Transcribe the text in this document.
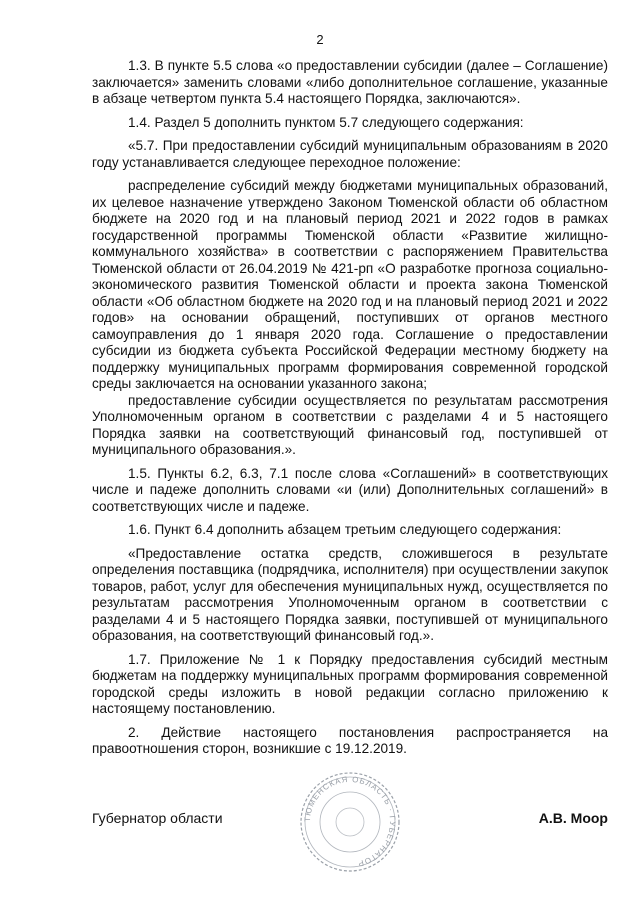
2

1.3. В пункте 5.5 слова «о предоставлении субсидии (далее – Соглашение) заключается» заменить словами «либо дополнительное соглашение, указанные в абзаце четвертом пункта 5.4 настоящего Порядка, заключаются».

1.4. Раздел 5 дополнить пунктом 5.7 следующего содержания:

«5.7. При предоставлении субсидий муниципальным образованиям в 2020 году устанавливается следующее переходное положение:

распределение субсидий между бюджетами муниципальных образований, их целевое назначение утверждено Законом Тюменской области об областном бюджете на 2020 год и на плановый период 2021 и 2022 годов в рамках государственной программы Тюменской области «Развитие жилищно-коммунального хозяйства» в соответствии с распоряжением Правительства Тюменской области от 26.04.2019 № 421-рп «О разработке прогноза социально-экономического развития Тюменской области и проекта закона Тюменской области «Об областном бюджете на 2020 год и на плановый период 2021 и 2022 годов» на основании обращений, поступивших от органов местного самоуправления до 1 января 2020 года. Соглашение о предоставлении субсидии из бюджета субъекта Российской Федерации местному бюджету на поддержку муниципальных программ формирования современной городской среды заключается на основании указанного закона;

предоставление субсидии осуществляется по результатам рассмотрения Уполномоченным органом в соответствии с разделами 4 и 5 настоящего Порядка заявки на соответствующий финансовый год, поступившей от муниципального образования.».

1.5. Пункты 6.2, 6.3, 7.1 после слова «Соглашений» в соответствующих числе и падеже дополнить словами «и (или) Дополнительных соглашений» в соответствующих числе и падеже.

1.6. Пункт 6.4 дополнить абзацем третьим следующего содержания:

«Предоставление остатка средств, сложившегося в результате определения поставщика (подрядчика, исполнителя) при осуществлении закупок товаров, работ, услуг для обеспечения муниципальных нужд, осуществляется по результатам рассмотрения Уполномоченным органом в соответствии с разделами 4 и 5 настоящего Порядка заявки, поступившей от муниципального образования, на соответствующий финансовый год.».

1.7. Приложение № 1 к Порядку предоставления субсидий местным бюджетам на поддержку муниципальных программ формирования современной городской среды изложить в новой редакции согласно приложению к настоящему постановлению.

2. Действие настоящего постановления распространяется на правоотношения сторон, возникшие с 19.12.2019.

ТЮМЕНСКАЯ ОБЛАСТЬ · ГУБЕРНАТОР
Губернатор области	А.В. Моор
